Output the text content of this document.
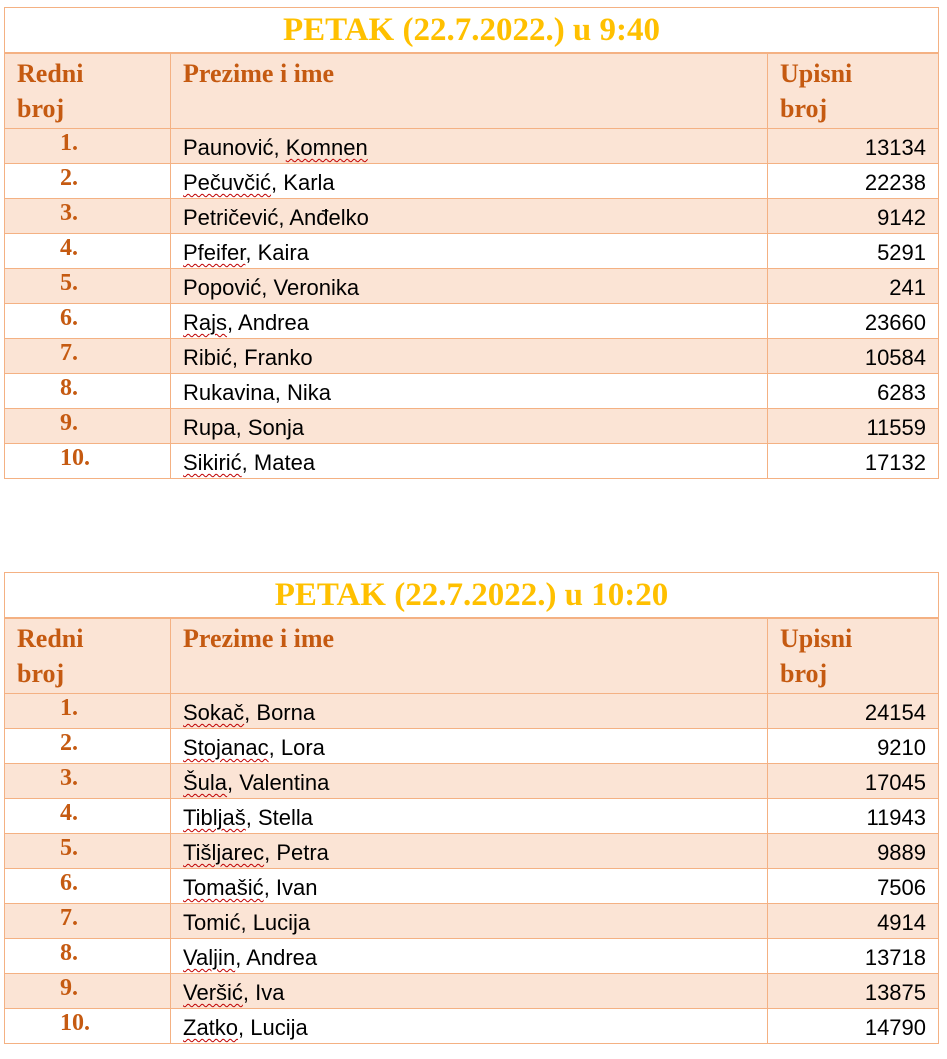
PETAK (22.7.2022.) u 9:40		
Redni
broj	Prezime i ime	Upisni
broj
1.	Paunović, Komnen	13134
2.	Pečuvčić, Karla	22238
3.	Petričević, Anđelko	9142
4.	Pfeifer, Kaira	5291
5.	Popović, Veronika	241
6.	Rajs, Andrea	23660
7.	Ribić, Franko	10584
8.	Rukavina, Nika	6283
9.	Rupa, Sonja	11559
10.	Sikirić, Matea	17132
PETAK (22.7.2022.) u 10:20		
Redni
broj	Prezime i ime	Upisni
broj
1.	Sokač, Borna	24154
2.	Stojanac, Lora	9210
3.	Šula, Valentina	17045
4.	Tibljaš, Stella	11943
5.	Tišljarec, Petra	9889
6.	Tomašić, Ivan	7506
7.	Tomić, Lucija	4914
8.	Valjin, Andrea	13718
9.	Veršić, Iva	13875
10.	Zatko, Lucija	14790
